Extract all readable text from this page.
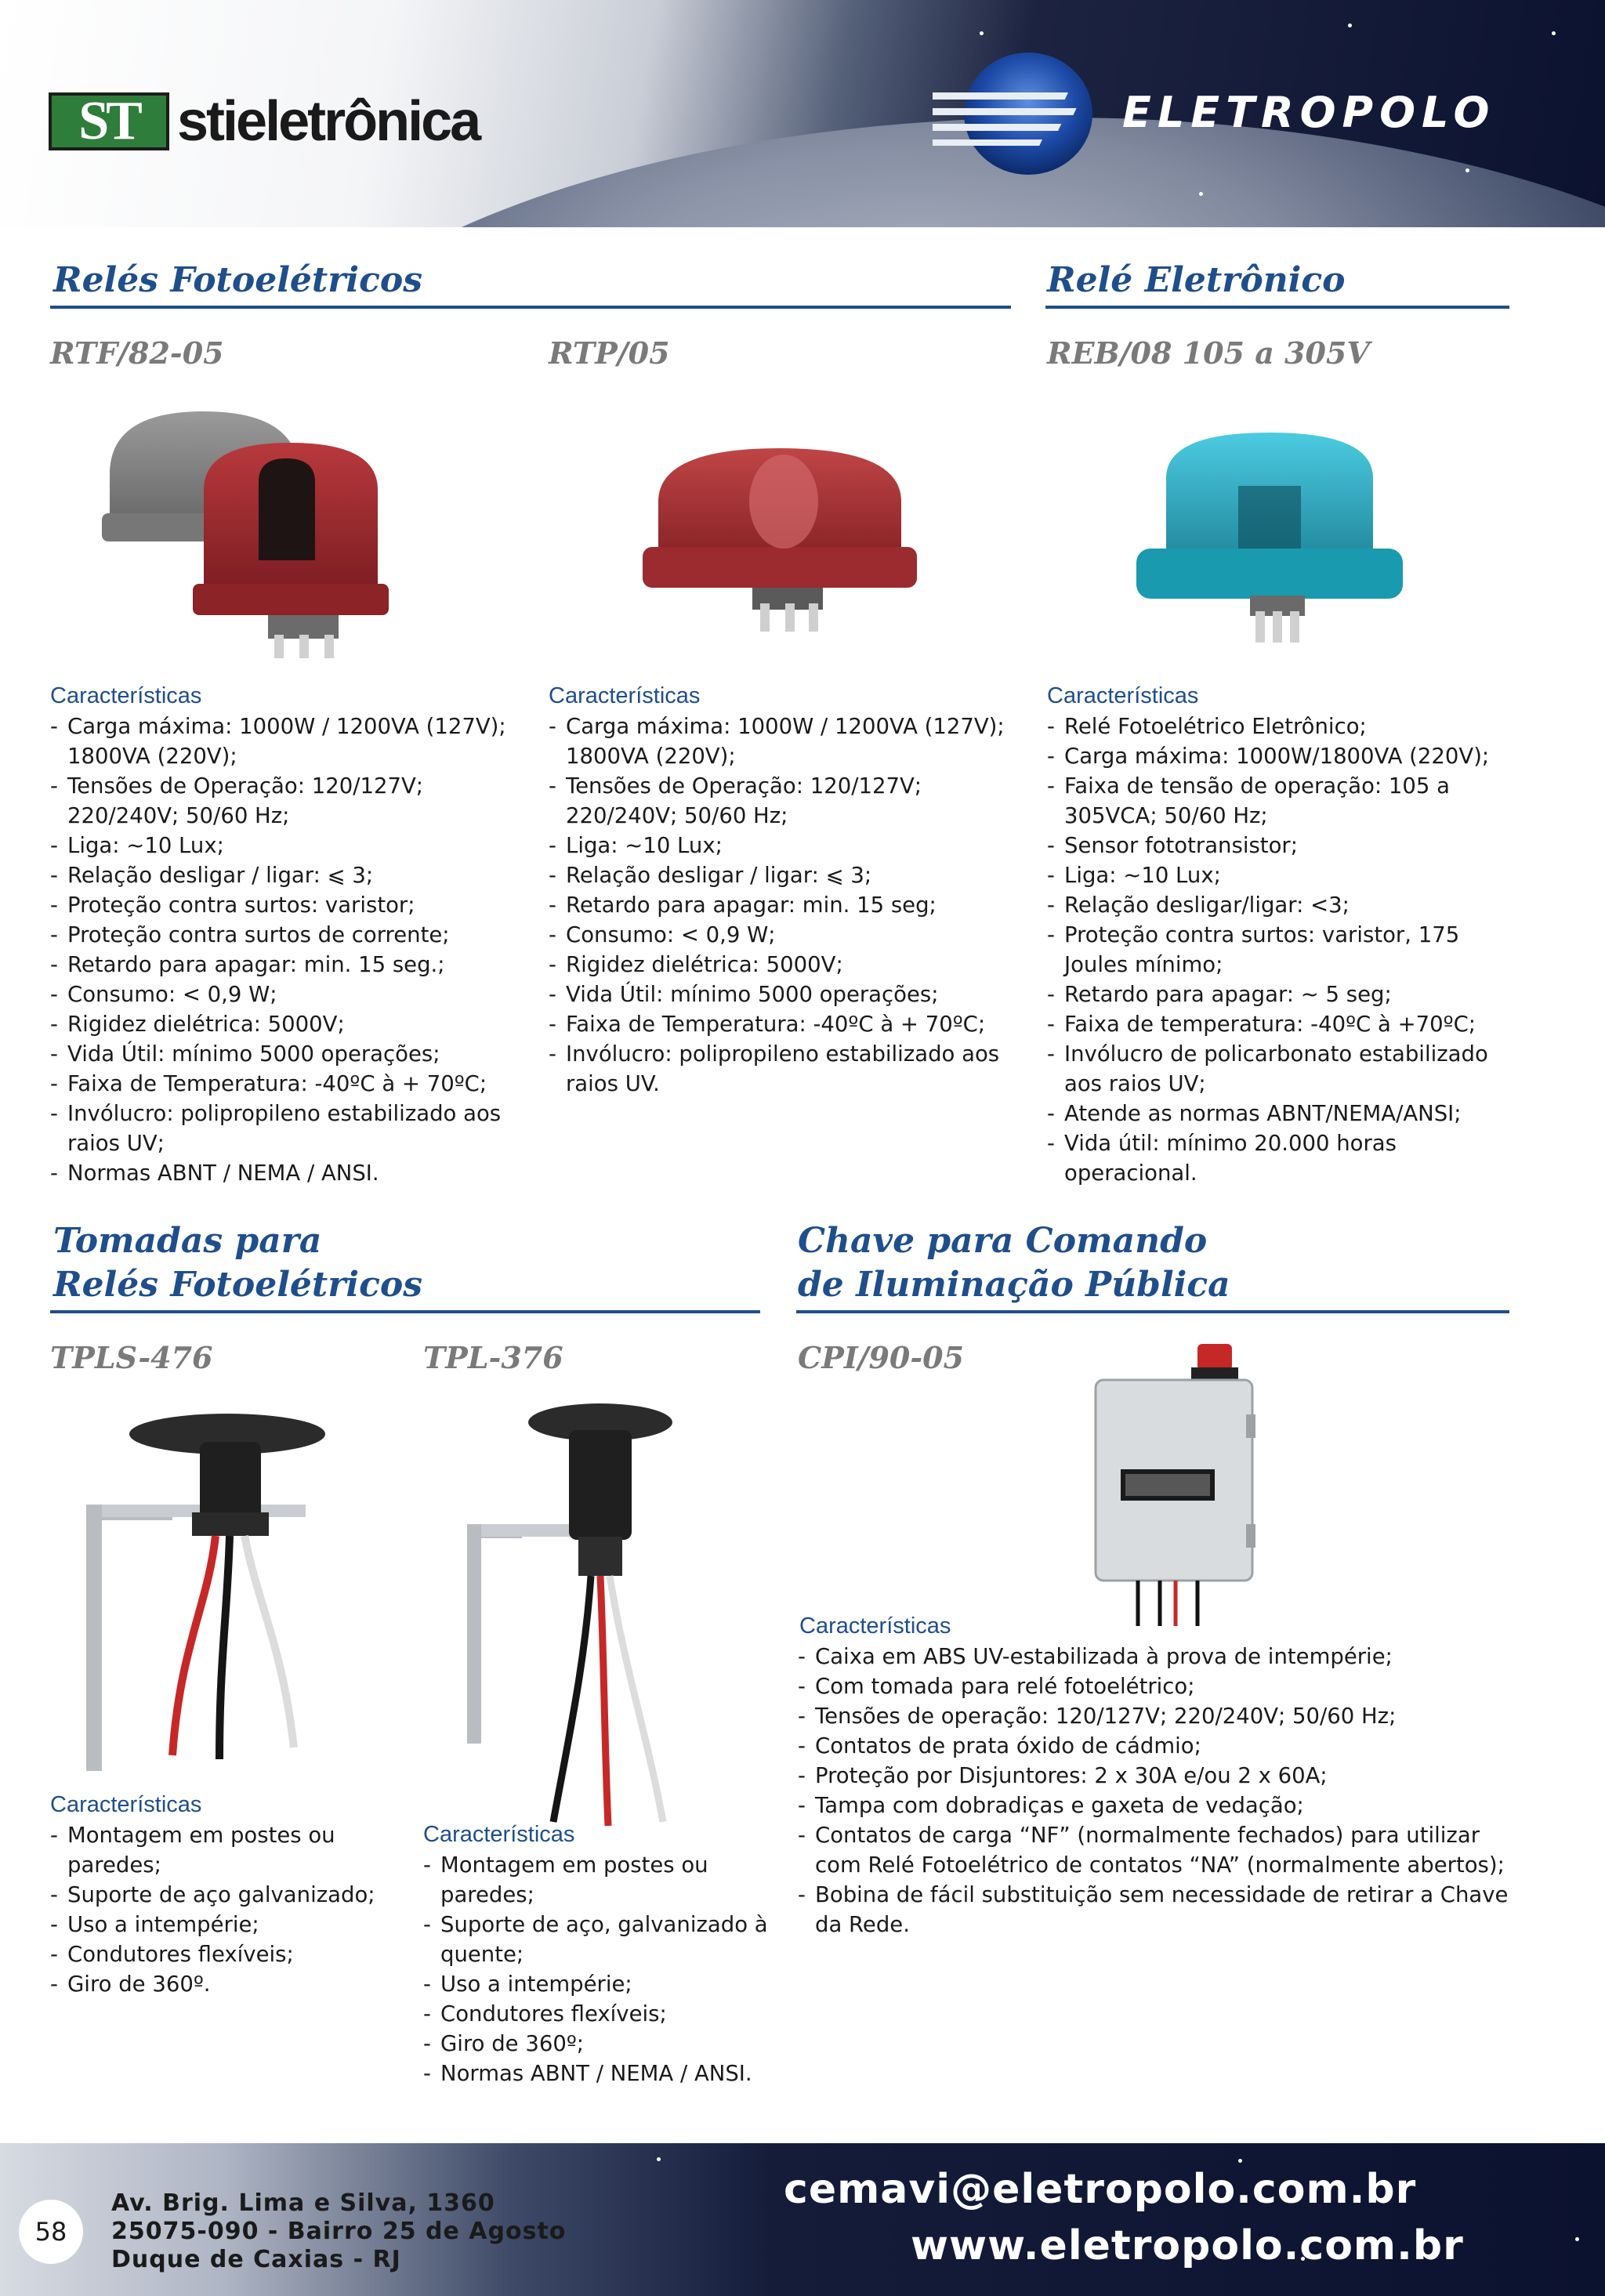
ST stieletrônica	ELETROPOLO
Relés Fotoelétricos	Relé Eletrônico
RTF/82-05	RTP/05	REB/08 105 a 305V
Características
- Carga máxima: 1000W / 1200VA (127V); 1800VA (220V);
- Tensões de Operação: 120/127V; 220/240V; 50/60 Hz;
- Liga: ~10 Lux;
- Relação desligar / ligar: ⩽ 3;
- Proteção contra surtos: varistor;
- Proteção contra surtos de corrente;
- Retardo para apagar: min. 15 seg.;
- Consumo: < 0,9 W;
- Rigidez dielétrica: 5000V;
- Vida Útil: mínimo 5000 operações;
- Faixa de Temperatura: -40ºC à + 70ºC;
- Invólucro: polipropileno estabilizado aos raios UV;
- Normas ABNT / NEMA / ANSI.
Características
- Carga máxima: 1000W / 1200VA (127V); 1800VA (220V);
- Tensões de Operação: 120/127V; 220/240V; 50/60 Hz;
- Liga: ~10 Lux;
- Relação desligar / ligar: ⩽ 3;
- Retardo para apagar: min. 15 seg;
- Consumo: < 0,9 W;
- Rigidez dielétrica: 5000V;
- Vida Útil: mínimo 5000 operações;
- Faixa de Temperatura: -40ºC à + 70ºC;
- Invólucro: polipropileno estabilizado aos raios UV.
Características
- Relé Fotoelétrico Eletrônico;
- Carga máxima: 1000W/1800VA (220V);
- Faixa de tensão de operação: 105 a 305VCA; 50/60 Hz;
- Sensor fototransistor;
- Liga: ~10 Lux;
- Relação desligar/ligar: <3;
- Proteção contra surtos: varistor, 175 Joules mínimo;
- Retardo para apagar: ~ 5 seg;
- Faixa de temperatura: -40ºC à +70ºC;
- Invólucro de policarbonato estabilizado aos raios UV;
- Atende as normas ABNT/NEMA/ANSI;
- Vida útil: mínimo 20.000 horas operacional.
Tomadas para
Relés Fotoelétricos
Chave para Comando
de Iluminação Pública
TPLS-476	TPL-376	CPI/90-05
Características
- Montagem em postes ou paredes;
- Suporte de aço galvanizado;
- Uso a intempérie;
- Condutores flexíveis;
- Giro de 360º.
Características
- Montagem em postes ou paredes;
- Suporte de aço, galvanizado à quente;
- Uso a intempérie;
- Condutores flexíveis;
- Giro de 360º;
- Normas ABNT / NEMA / ANSI.
Características
- Caixa em ABS UV-estabilizada à prova de intempérie;
- Com tomada para relé fotoelétrico;
- Tensões de operação: 120/127V; 220/240V; 50/60 Hz;
- Contatos de prata óxido de cádmio;
- Proteção por Disjuntores: 2 x 30A e/ou 2 x 60A;
- Tampa com dobradiças e gaxeta de vedação;
- Contatos de carga “NF” (normalmente fechados) para utilizar com Relé Fotoelétrico de contatos “NA” (normalmente abertos);
- Bobina de fácil substituição sem necessidade de retirar a Chave da Rede.
58
Av. Brig. Lima e Silva, 1360
25075-090 - Bairro 25 de Agosto
Duque de Caxias - RJ
cemavi@eletropolo.com.br
www.eletropolo.com.br
